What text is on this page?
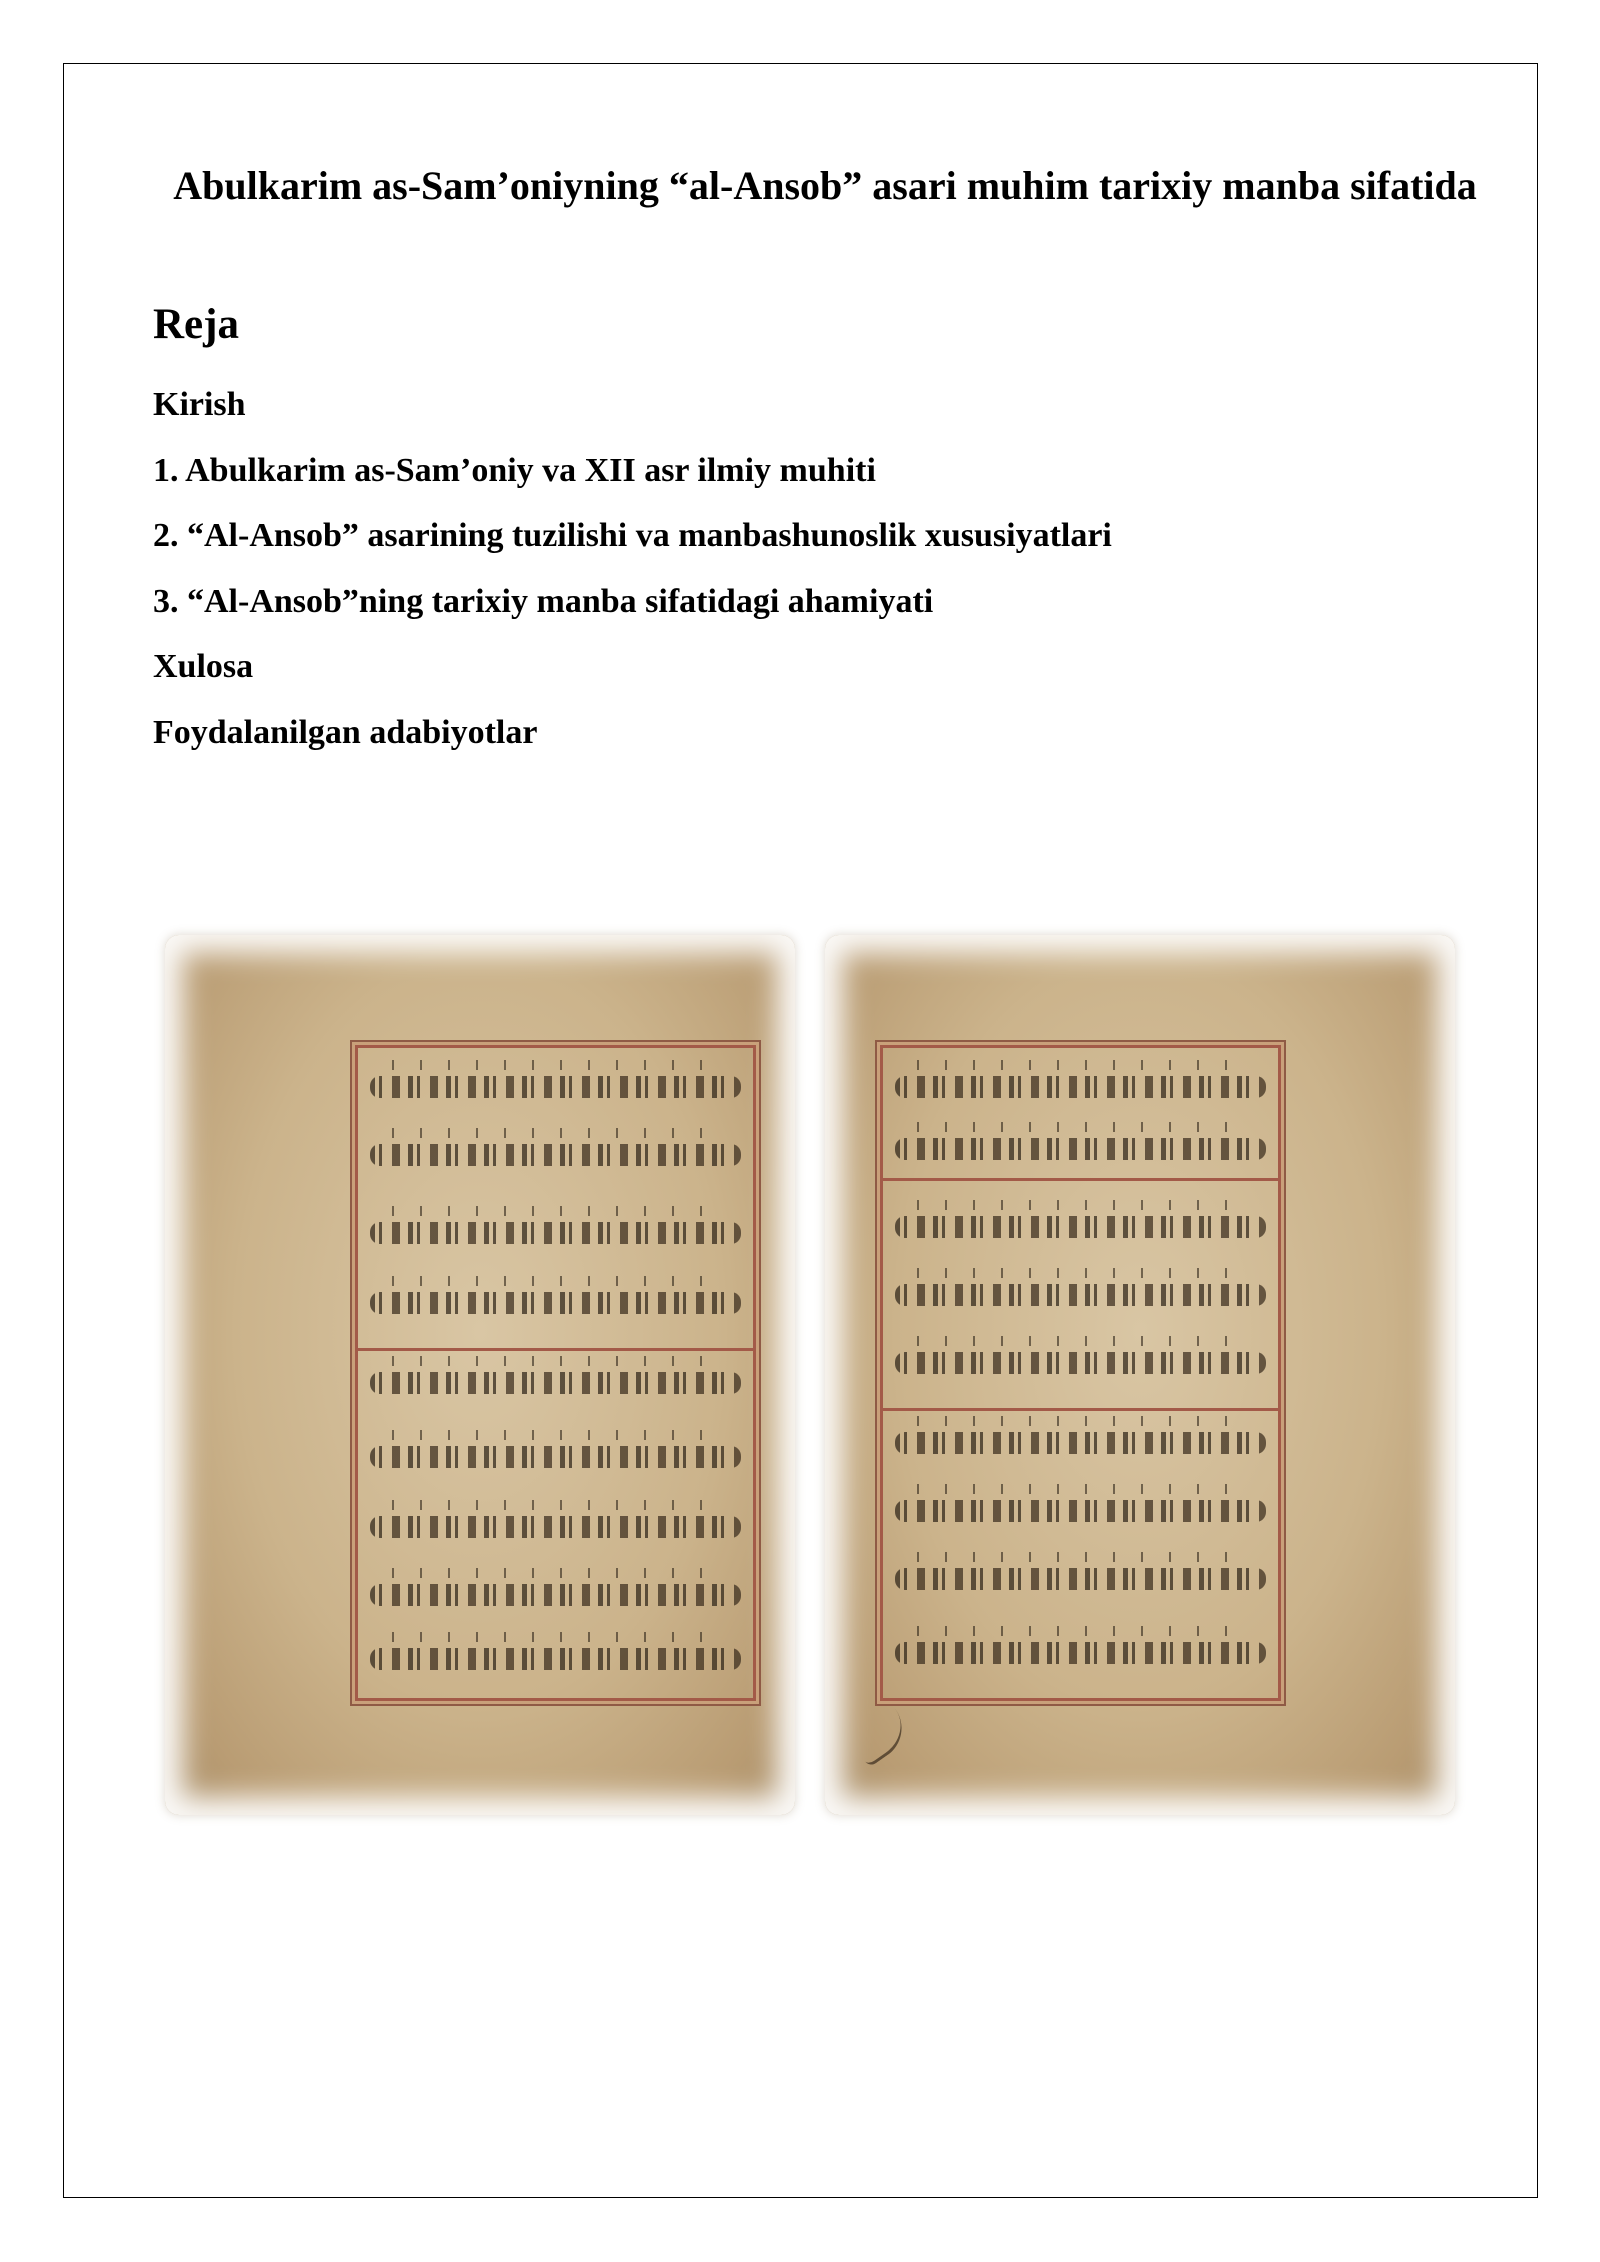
Abulkarim as-Sam’oniyning “al-Ansob” asari muhim tarixiy manba sifatida
Reja
Kirish
1. Abulkarim as-Sam’oniy va XII asr ilmiy muhiti
2. “Al-Ansob” asarining tuzilishi va manbashunoslik xususiyatlari
3. “Al-Ansob”ning tarixiy manba sifatidagi ahamiyati
Xulosa
Foydalanilgan adabiyotlar
